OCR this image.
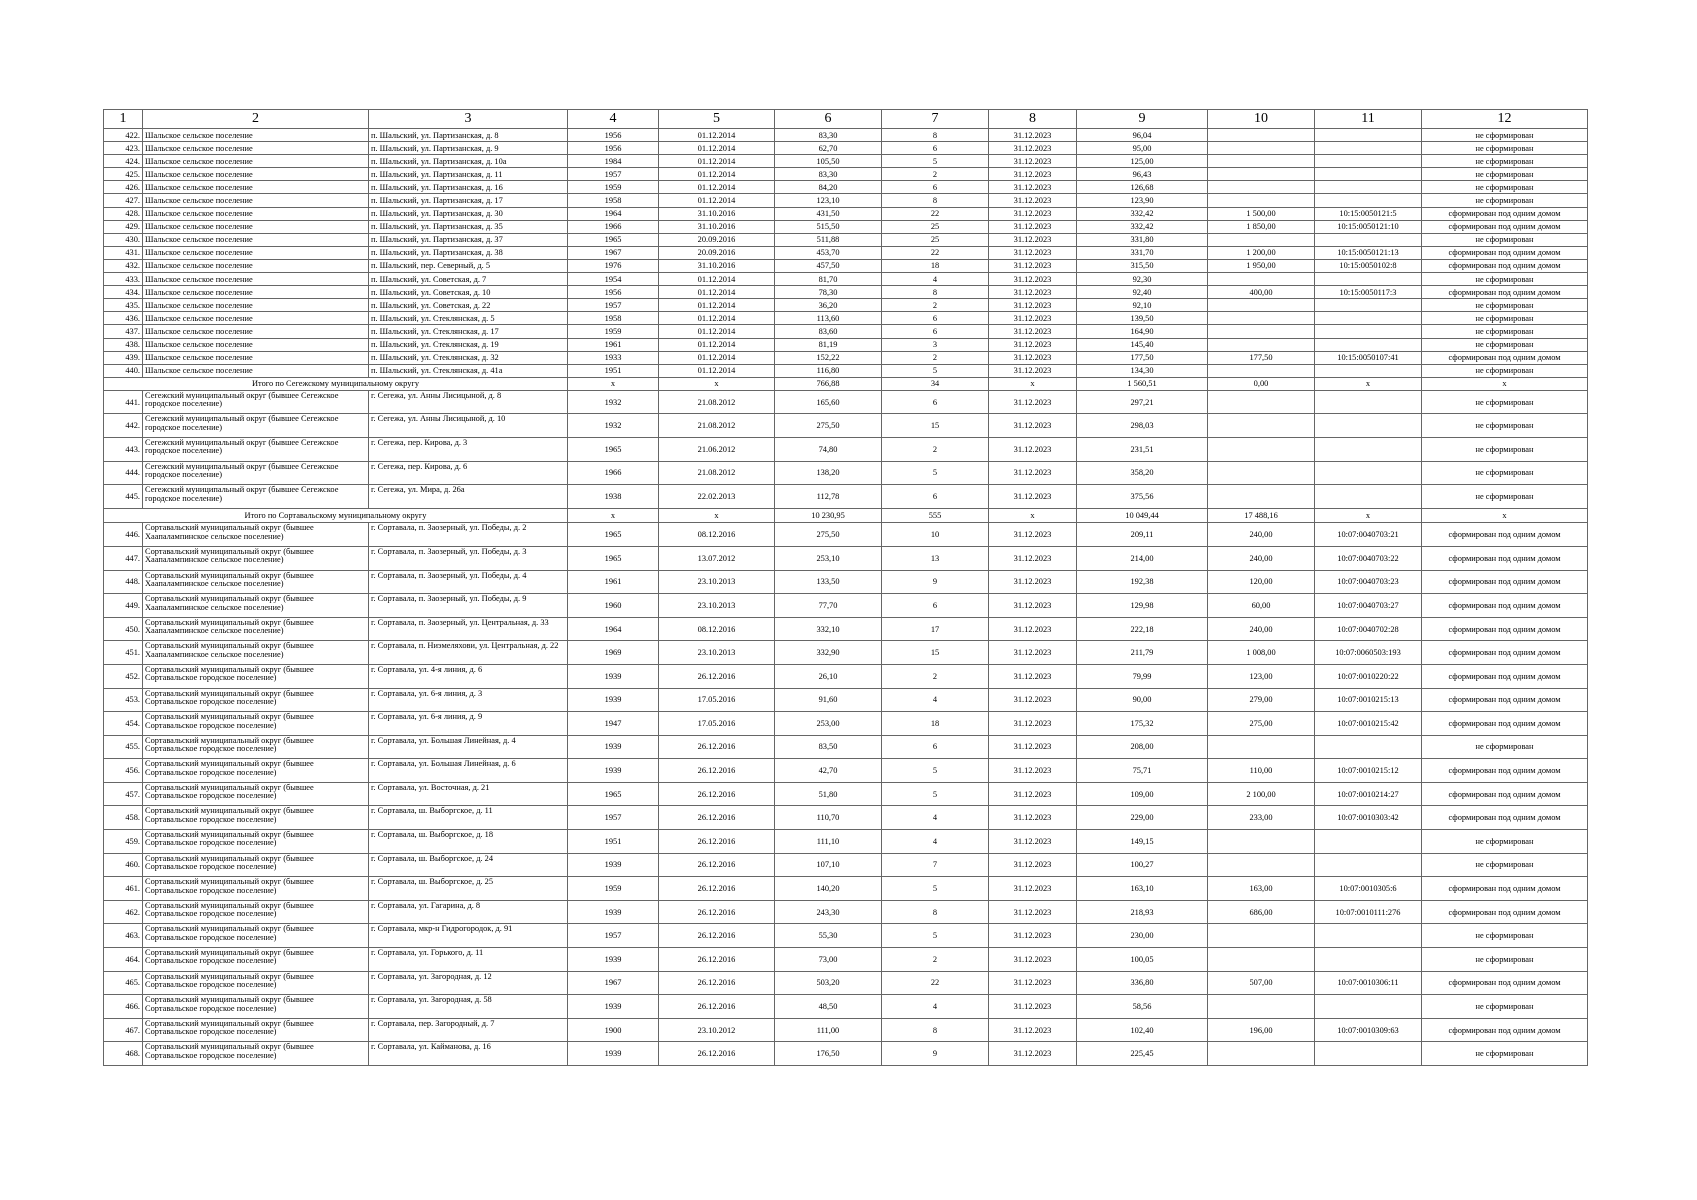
1	2	3	4	5	6	7	8	9	10	11	12
422.	Шальское сельское поселение	п. Шальский, ул. Партизанская, д. 8	1956	01.12.2014	83,30	8	31.12.2023	96,04			не сформирован
423.	Шальское сельское поселение	п. Шальский, ул. Партизанская, д. 9	1956	01.12.2014	62,70	6	31.12.2023	95,00			не сформирован
424.	Шальское сельское поселение	п. Шальский, ул. Партизанская, д. 10а	1984	01.12.2014	105,50	5	31.12.2023	125,00			не сформирован
425.	Шальское сельское поселение	п. Шальский, ул. Партизанская, д. 11	1957	01.12.2014	83,30	2	31.12.2023	96,43			не сформирован
426.	Шальское сельское поселение	п. Шальский, ул. Партизанская, д. 16	1959	01.12.2014	84,20	6	31.12.2023	126,68			не сформирован
427.	Шальское сельское поселение	п. Шальский, ул. Партизанская, д. 17	1958	01.12.2014	123,10	8	31.12.2023	123,90			не сформирован
428.	Шальское сельское поселение	п. Шальский, ул. Партизанская, д. 30	1964	31.10.2016	431,50	22	31.12.2023	332,42	1 500,00	10:15:0050121:5	сформирован под одним домом
429.	Шальское сельское поселение	п. Шальский, ул. Партизанская, д. 35	1966	31.10.2016	515,50	25	31.12.2023	332,42	1 850,00	10:15:0050121:10	сформирован под одним домом
430.	Шальское сельское поселение	п. Шальский, ул. Партизанская, д. 37	1965	20.09.2016	511,88	25	31.12.2023	331,80			не сформирован
431.	Шальское сельское поселение	п. Шальский, ул. Партизанская, д. 38	1967	20.09.2016	453,70	22	31.12.2023	331,70	1 200,00	10:15:0050121:13	сформирован под одним домом
432.	Шальское сельское поселение	п. Шальский, пер. Северный, д. 5	1976	31.10.2016	457,50	18	31.12.2023	315,50	1 950,00	10:15:0050102:8	сформирован под одним домом
433.	Шальское сельское поселение	п. Шальский, ул. Советская, д. 7	1954	01.12.2014	81,70	4	31.12.2023	92,30			не сформирован
434.	Шальское сельское поселение	п. Шальский, ул. Советская, д. 10	1956	01.12.2014	78,30	8	31.12.2023	92,40	400,00	10:15:0050117:3	сформирован под одним домом
435.	Шальское сельское поселение	п. Шальский, ул. Советская, д. 22	1957	01.12.2014	36,20	2	31.12.2023	92,10			не сформирован
436.	Шальское сельское поселение	п. Шальский, ул. Стеклянская, д. 5	1958	01.12.2014	113,60	6	31.12.2023	139,50			не сформирован
437.	Шальское сельское поселение	п. Шальский, ул. Стеклянская, д. 17	1959	01.12.2014	83,60	6	31.12.2023	164,90			не сформирован
438.	Шальское сельское поселение	п. Шальский, ул. Стеклянская, д. 19	1961	01.12.2014	81,19	3	31.12.2023	145,40			не сформирован
439.	Шальское сельское поселение	п. Шальский, ул. Стеклянская, д. 32	1933	01.12.2014	152,22	2	31.12.2023	177,50	177,50	10:15:0050107:41	сформирован под одним домом
440.	Шальское сельское поселение	п. Шальский, ул. Стеклянская, д. 41а	1951	01.12.2014	116,80	5	31.12.2023	134,30			не сформирован
Итого по Сегежскому муниципальному округу			x	x	766,88	34	x	1 560,51	0,00	x	x
441.	Сегежский муниципальный округ (бывшее Сегежское городское поселение)	г. Сегежа, ул. Анны Лисицыной, д. 8	1932	21.08.2012	165,60	6	31.12.2023	297,21			не сформирован
442.	Сегежский муниципальный округ (бывшее Сегежское городское поселение)	г. Сегежа, ул. Анны Лисицыной, д. 10	1932	21.08.2012	275,50	15	31.12.2023	298,03			не сформирован
443.	Сегежский муниципальный округ (бывшее Сегежское городское поселение)	г. Сегежа, пер. Кирова, д. 3	1965	21.06.2012	74,80	2	31.12.2023	231,51			не сформирован
444.	Сегежский муниципальный округ (бывшее Сегежское городское поселение)	г. Сегежа, пер. Кирова, д. 6	1966	21.08.2012	138,20	5	31.12.2023	358,20			не сформирован
445.	Сегежский муниципальный округ (бывшее Сегежское городское поселение)	г. Сегежа, ул. Мира, д. 26а	1938	22.02.2013	112,78	6	31.12.2023	375,56			не сформирован
Итого по Сортавальскому муниципальному округу			x	x	10 230,95	555	x	10 049,44	17 488,16	x	x
446.	Сортавальский муниципальный округ (бывшее Хаапалампинское сельское поселение)	г. Сортавала, п. Заозерный, ул. Победы, д. 2	1965	08.12.2016	275,50	10	31.12.2023	209,11	240,00	10:07:0040703:21	сформирован под одним домом
447.	Сортавальский муниципальный округ (бывшее Хаапалампинское сельское поселение)	г. Сортавала, п. Заозерный, ул. Победы, д. 3	1965	13.07.2012	253,10	13	31.12.2023	214,00	240,00	10:07:0040703:22	сформирован под одним домом
448.	Сортавальский муниципальный округ (бывшее Хаапалампинское сельское поселение)	г. Сортавала, п. Заозерный, ул. Победы, д. 4	1961	23.10.2013	133,50	9	31.12.2023	192,38	120,00	10:07:0040703:23	сформирован под одним домом
449.	Сортавальский муниципальный округ (бывшее Хаапалампинское сельское поселение)	г. Сортавала, п. Заозерный, ул. Победы, д. 9	1960	23.10.2013	77,70	6	31.12.2023	129,98	60,00	10:07:0040703:27	сформирован под одним домом
450.	Сортавальский муниципальный округ (бывшее Хаапалампинское сельское поселение)	г. Сортавала, п. Заозерный, ул. Центральная, д. 33	1964	08.12.2016	332,10	17	31.12.2023	222,18	240,00	10:07:0040702:28	сформирован под одним домом
451.	Сортавальский муниципальный округ (бывшее Хаапалампинское сельское поселение)	г. Сортавала, п. Ниэмеляхови, ул. Центральная, д. 22	1969	23.10.2013	332,90	15	31.12.2023	211,79	1 008,00	10:07:0060503:193	сформирован под одним домом
452.	Сортавальский муниципальный округ (бывшее Сортавальское городское поселение)	г. Сортавала, ул. 4-я линия, д. 6	1939	26.12.2016	26,10	2	31.12.2023	79,99	123,00	10:07:0010220:22	сформирован под одним домом
453.	Сортавальский муниципальный округ (бывшее Сортавальское городское поселение)	г. Сортавала, ул. 6-я линия, д. 3	1939	17.05.2016	91,60	4	31.12.2023	90,00	279,00	10:07:0010215:13	сформирован под одним домом
454.	Сортавальский муниципальный округ (бывшее Сортавальское городское поселение)	г. Сортавала, ул. 6-я линия, д. 9	1947	17.05.2016	253,00	18	31.12.2023	175,32	275,00	10:07:0010215:42	сформирован под одним домом
455.	Сортавальский муниципальный округ (бывшее Сортавальское городское поселение)	г. Сортавала, ул. Большая Линейная, д. 4	1939	26.12.2016	83,50	6	31.12.2023	208,00			не сформирован
456.	Сортавальский муниципальный округ (бывшее Сортавальское городское поселение)	г. Сортавала, ул. Большая Линейная, д. 6	1939	26.12.2016	42,70	5	31.12.2023	75,71	110,00	10:07:0010215:12	сформирован под одним домом
457.	Сортавальский муниципальный округ (бывшее Сортавальское городское поселение)	г. Сортавала, ул. Восточная, д. 21	1965	26.12.2016	51,80	5	31.12.2023	109,00	2 100,00	10:07:0010214:27	сформирован под одним домом
458.	Сортавальский муниципальный округ (бывшее Сортавальское городское поселение)	г. Сортавала, ш. Выборгское, д. 11	1957	26.12.2016	110,70	4	31.12.2023	229,00	233,00	10:07:0010303:42	сформирован под одним домом
459.	Сортавальский муниципальный округ (бывшее Сортавальское городское поселение)	г. Сортавала, ш. Выборгское, д. 18	1951	26.12.2016	111,10	4	31.12.2023	149,15			не сформирован
460.	Сортавальский муниципальный округ (бывшее Сортавальское городское поселение)	г. Сортавала, ш. Выборгское, д. 24	1939	26.12.2016	107,10	7	31.12.2023	100,27			не сформирован
461.	Сортавальский муниципальный округ (бывшее Сортавальское городское поселение)	г. Сортавала, ш. Выборгское, д. 25	1959	26.12.2016	140,20	5	31.12.2023	163,10	163,00	10:07:0010305:6	сформирован под одним домом
462.	Сортавальский муниципальный округ (бывшее Сортавальское городское поселение)	г. Сортавала, ул. Гагарина, д. 8	1939	26.12.2016	243,30	8	31.12.2023	218,93	686,00	10:07:0010111:276	сформирован под одним домом
463.	Сортавальский муниципальный округ (бывшее Сортавальское городское поселение)	г. Сортавала, мкр-н Гидрогородок, д. 91	1957	26.12.2016	55,30	5	31.12.2023	230,00			не сформирован
464.	Сортавальский муниципальный округ (бывшее Сортавальское городское поселение)	г. Сортавала, ул. Горького, д. 11	1939	26.12.2016	73,00	2	31.12.2023	100,05			не сформирован
465.	Сортавальский муниципальный округ (бывшее Сортавальское городское поселение)	г. Сортавала, ул. Загородная, д. 12	1967	26.12.2016	503,20	22	31.12.2023	336,80	507,00	10:07:0010306:11	сформирован под одним домом
466.	Сортавальский муниципальный округ (бывшее Сортавальское городское поселение)	г. Сортавала, ул. Загородная, д. 58	1939	26.12.2016	48,50	4	31.12.2023	58,56			не сформирован
467.	Сортавальский муниципальный округ (бывшее Сортавальское городское поселение)	г. Сортавала, пер. Загородный, д. 7	1900	23.10.2012	111,00	8	31.12.2023	102,40	196,00	10:07:0010309:63	сформирован под одним домом
468.	Сортавальский муниципальный округ (бывшее Сортавальское городское поселение)	г. Сортавала, ул. Кайманова, д. 16	1939	26.12.2016	176,50	9	31.12.2023	225,45			не сформирован
